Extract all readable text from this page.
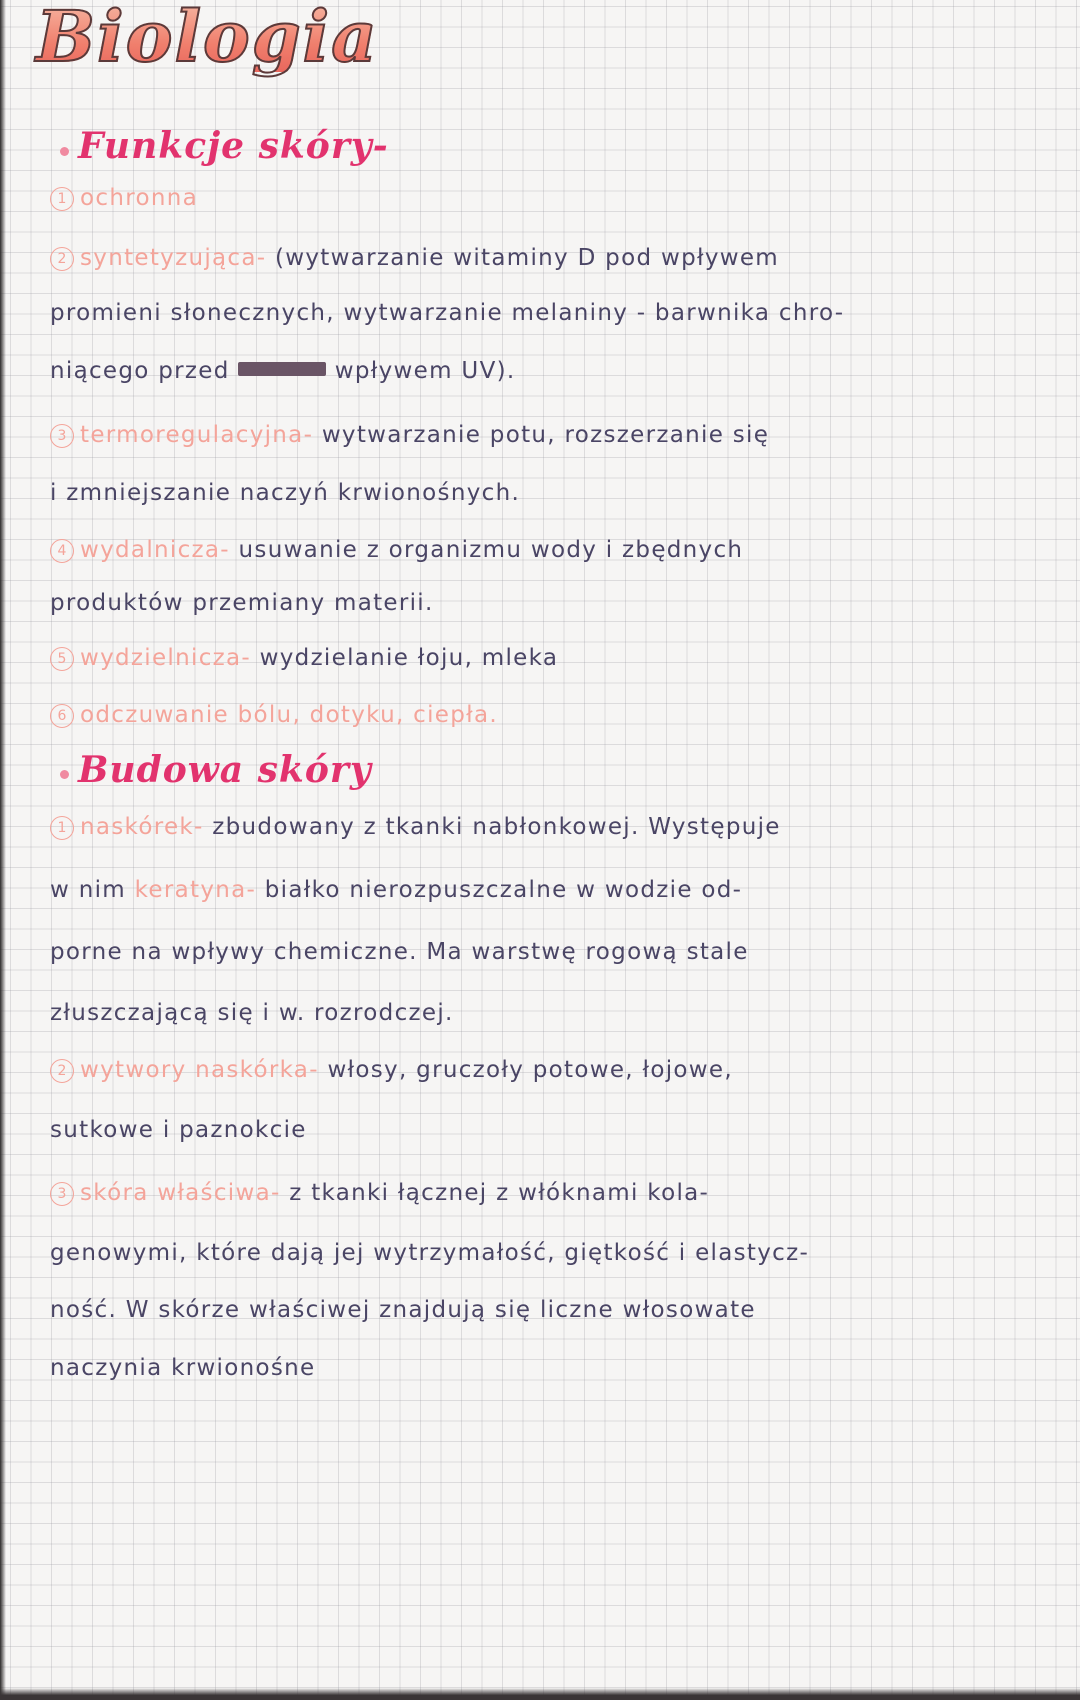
Biologia
Funkcje skóry-

1 ochronna

2 syntetyzująca- (wytwarzanie witaminy D pod wpływem

promieni słonecznych, wytwarzanie melaniny - barwnika chro-

niącego przed promieniami wpływem UV).

3 termoregulacyjna- wytwarzanie potu, rozszerzanie się

i zmniejszanie naczyń krwionośnych.

4 wydalnicza- usuwanie z organizmu wody i zbędnych

produktów przemiany materii.

5 wydzielnicza- wydzielanie łoju, mleka

6 odczuwanie bólu, dotyku, ciepła.

Budowa skóry

1 naskórek- zbudowany z tkanki nabłonkowej. Występuje

w nim keratyna- białko nierozpuszczalne w wodzie od-

porne na wpływy chemiczne. Ma warstwę rogową stale

złuszczającą się i w. rozrodczej.

2 wytwory naskórka- włosy, gruczoły potowe, łojowe,

sutkowe i paznokcie

3 skóra właściwa- z tkanki łącznej z włóknami kola-

genowymi, które dają jej wytrzymałość, giętkość i elastycz-

ność. W skórze właściwej znajdują się liczne włosowate

naczynia krwionośne
